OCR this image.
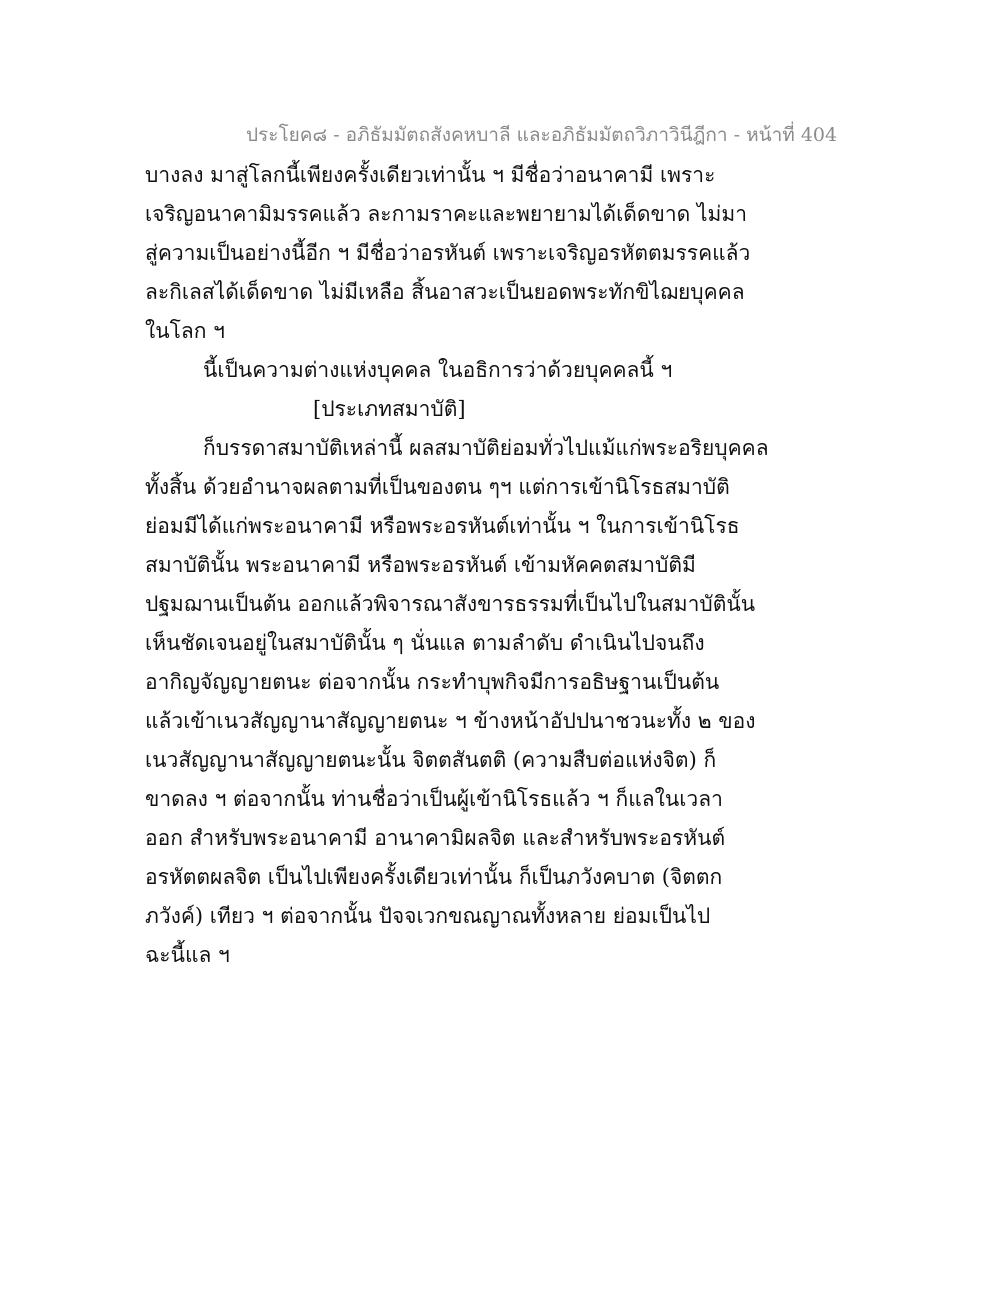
ประโยค๘ - อภิธัมมัตถสังคหบาลี และอภิธัมมัตถวิภาวินีฎีกา - หน้าที่ 404
บางลง มาสู่โลกนี้เพียงครั้งเดียวเท่านั้น ฯ มีชื่อว่าอนาคามี เพราะ
เจริญอนาคามิมรรคแล้ว ละกามราคะและพยายามได้เด็ดขาด ไม่มา
สู่ความเป็นอย่างนี้อีก ฯ มีชื่อว่าอรหันต์ เพราะเจริญอรหัตตมรรคแล้ว
ละกิเลสได้เด็ดขาด ไม่มีเหลือ สิ้นอาสวะเป็นยอดพระทักขิไฌยบุคคล
ในโลก ฯ
นี้เป็นความต่างแห่งบุคคล ในอธิการว่าด้วยบุคคลนี้ ฯ
[ประเภทสมาบัติ]
ก็บรรดาสมาบัติเหล่านี้ ผลสมาบัติย่อมทั่วไปแม้แก่พระอริยบุคคล
ทั้งสิ้น ด้วยอำนาจผลตามที่เป็นของตน ๆฯ แต่การเข้านิโรธสมาบัติ
ย่อมมีได้แก่พระอนาคามี หรือพระอรหันต์เท่านั้น ฯ ในการเข้านิโรธ
สมาบัตินั้น พระอนาคามี หรือพระอรหันต์ เข้ามหัคคตสมาบัติมี
ปฐมฌานเป็นต้น ออกแล้วพิจารณาสังขารธรรมที่เป็นไปในสมาบัตินั้น
เห็นชัดเจนอยู่ในสมาบัตินั้น ๆ นั่นแล ตามลำดับ ดำเนินไปจนถึง
อากิญจัญญายตนะ ต่อจากนั้น กระทำบุพกิจมีการอธิษฐานเป็นต้น
แล้วเข้าเนวสัญญานาสัญญายตนะ ฯ ข้างหน้าอัปปนาชวนะทั้ง ๒ ของ
เนวสัญญานาสัญญายตนะนั้น จิตตสันตติ (ความสืบต่อแห่งจิต) ก็
ขาดลง ฯ ต่อจากนั้น ท่านชื่อว่าเป็นผู้เข้านิโรธแล้ว ฯ ก็แลในเวลา
ออก สำหรับพระอนาคามี อานาคามิผลจิต และสำหรับพระอรหันต์
อรหัตตผลจิต เป็นไปเพียงครั้งเดียวเท่านั้น ก็เป็นภวังคบาต (จิตตก
ภวังค์) เทียว ฯ ต่อจากนั้น ปัจจเวกขณญาณทั้งหลาย ย่อมเป็นไป
ฉะนี้แล ฯ
